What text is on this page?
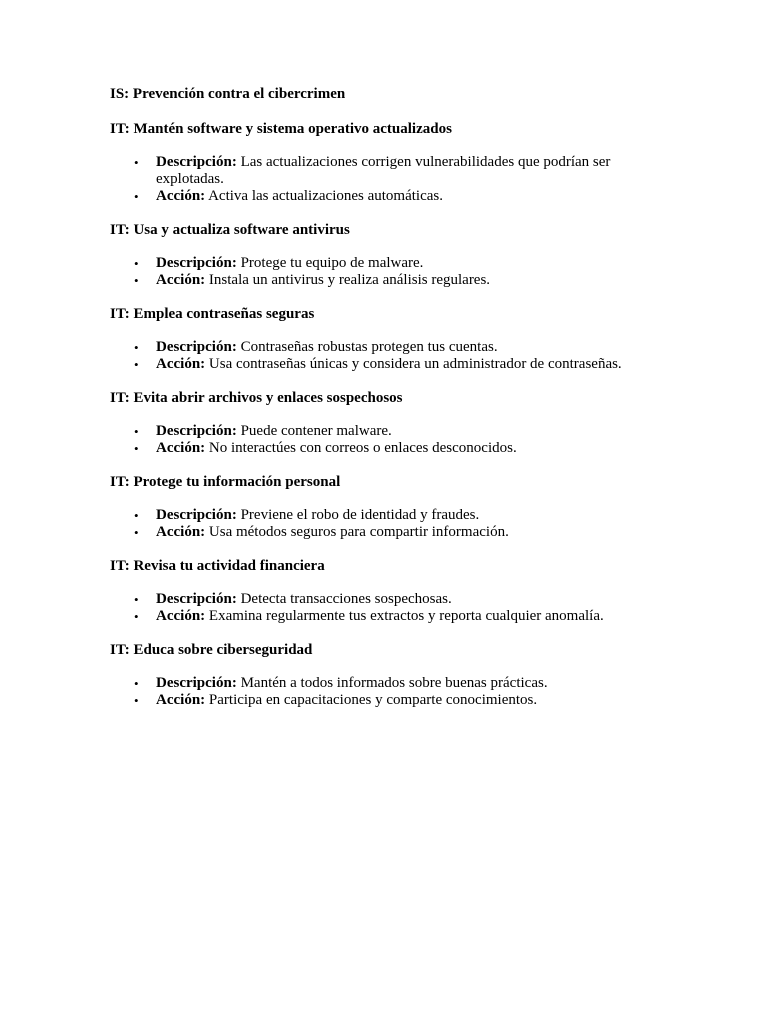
IS: Prevención contra el cibercrimen

IT: Mantén software y sistema operativo actualizados

• Descripción: Las actualizaciones corrigen vulnerabilidades que podrían ser explotadas.
• Acción: Activa las actualizaciones automáticas.

IT: Usa y actualiza software antivirus

• Descripción: Protege tu equipo de malware.
• Acción: Instala un antivirus y realiza análisis regulares.

IT: Emplea contraseñas seguras

• Descripción: Contraseñas robustas protegen tus cuentas.
• Acción: Usa contraseñas únicas y considera un administrador de contraseñas.

IT: Evita abrir archivos y enlaces sospechosos

• Descripción: Puede contener malware.
• Acción: No interactúes con correos o enlaces desconocidos.

IT: Protege tu información personal

• Descripción: Previene el robo de identidad y fraudes.
• Acción: Usa métodos seguros para compartir información.

IT: Revisa tu actividad financiera

• Descripción: Detecta transacciones sospechosas.
• Acción: Examina regularmente tus extractos y reporta cualquier anomalía.

IT: Educa sobre ciberseguridad

• Descripción: Mantén a todos informados sobre buenas prácticas.
• Acción: Participa en capacitaciones y comparte conocimientos.
